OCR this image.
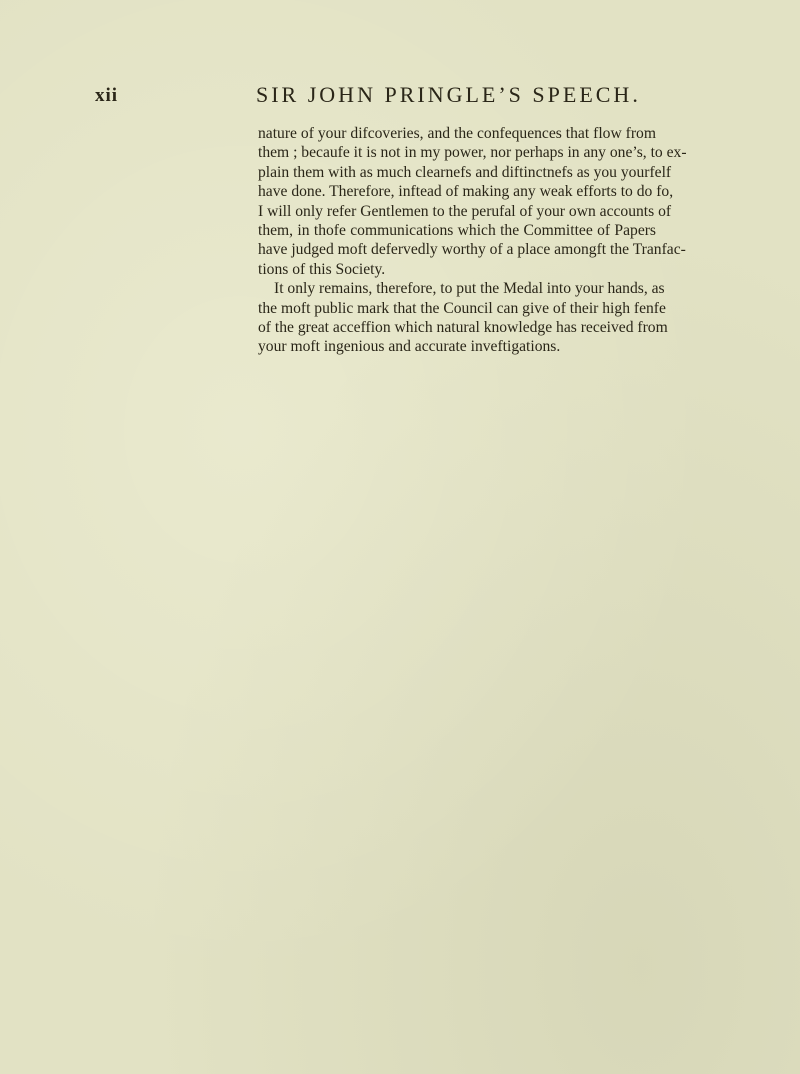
xii	SIR JOHN PRINGLE’S SPEECH.
nature of your difcoveries, and the confequences that flow from
them ; becaufe it is not in my power, nor perhaps in any one’s, to ex-
plain them with as much clearnefs and diftinctnefs as you yourfelf
have done. Therefore, inftead of making any weak efforts to do fo,
I will only refer Gentlemen to the perufal of your own accounts of
them, in thofe communications which the Committee of Papers
have judged moft defervedly worthy of a place amongft the Tranfac-
tions of this Society.
It only remains, therefore, to put the Medal into your hands, as
the moft public mark that the Council can give of their high fenfe
of the great acceffion which natural knowledge has received from
your moft ingenious and accurate inveftigations.
